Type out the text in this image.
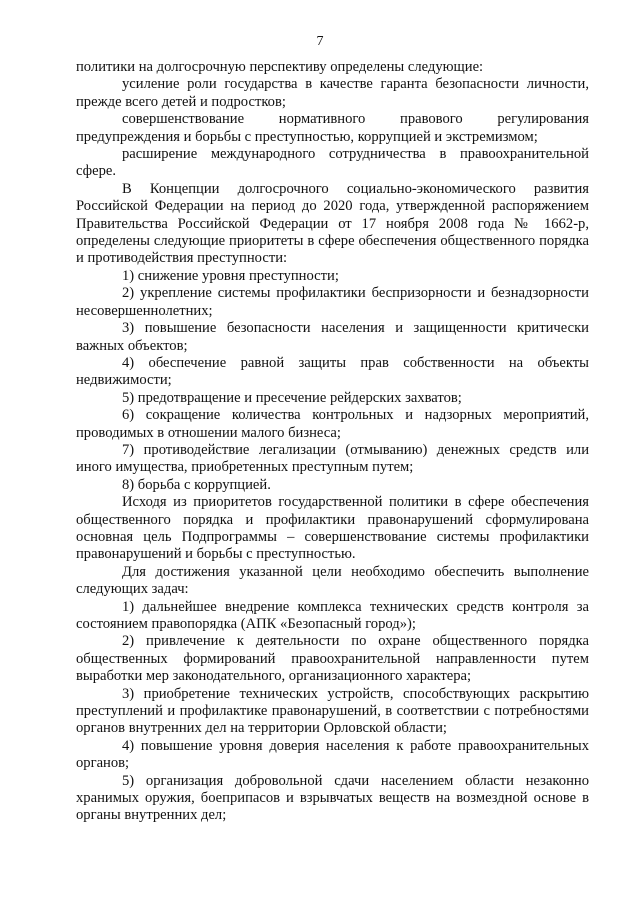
7

политики на долгосрочную перспективу определены следующие:

усиление роли государства в качестве гаранта безопасности личности, прежде всего детей и подростков;

совершенствование нормативного правового регулирования предупреждения и борьбы с преступностью, коррупцией и экстремизмом;

расширение международного сотрудничества в правоохранительной сфере.

В Концепции долгосрочного социально-экономического развития Российской Федерации на период до 2020 года, утвержденной распоряжением Правительства Российской Федерации от 17 ноября 2008 года № 1662-р, определены следующие приоритеты в сфере обеспечения общественного порядка и противодействия преступности:

1) снижение уровня преступности;

2) укрепление системы профилактики беспризорности и безнадзорности несовершеннолетних;

3) повышение безопасности населения и защищенности критически важных объектов;

4) обеспечение равной защиты прав собственности на объекты недвижимости;

5) предотвращение и пресечение рейдерских захватов;

6) сокращение количества контрольных и надзорных мероприятий, проводимых в отношении малого бизнеса;

7) противодействие легализации (отмыванию) денежных средств или иного имущества, приобретенных преступным путем;

8) борьба с коррупцией.

Исходя из приоритетов государственной политики в сфере обеспечения общественного порядка и профилактики правонарушений сформулирована основная цель Подпрограммы – совершенствование системы профилактики правонарушений и борьбы с преступностью.

Для достижения указанной цели необходимо обеспечить выполнение следующих задач:

1) дальнейшее внедрение комплекса технических средств контроля за состоянием правопорядка (АПК «Безопасный город»);

2) привлечение к деятельности по охране общественного порядка общественных формирований правоохранительной направленности путем выработки мер законодательного, организационного характера;

3) приобретение технических устройств, способствующих раскрытию преступлений и профилактике правонарушений, в соответствии с потребностями органов внутренних дел на территории Орловской области;

4) повышение уровня доверия населения к работе правоохранительных органов;

5) организация добровольной сдачи населением области незаконно хранимых оружия, боеприпасов и взрывчатых веществ на возмездной основе в органы внутренних дел;
